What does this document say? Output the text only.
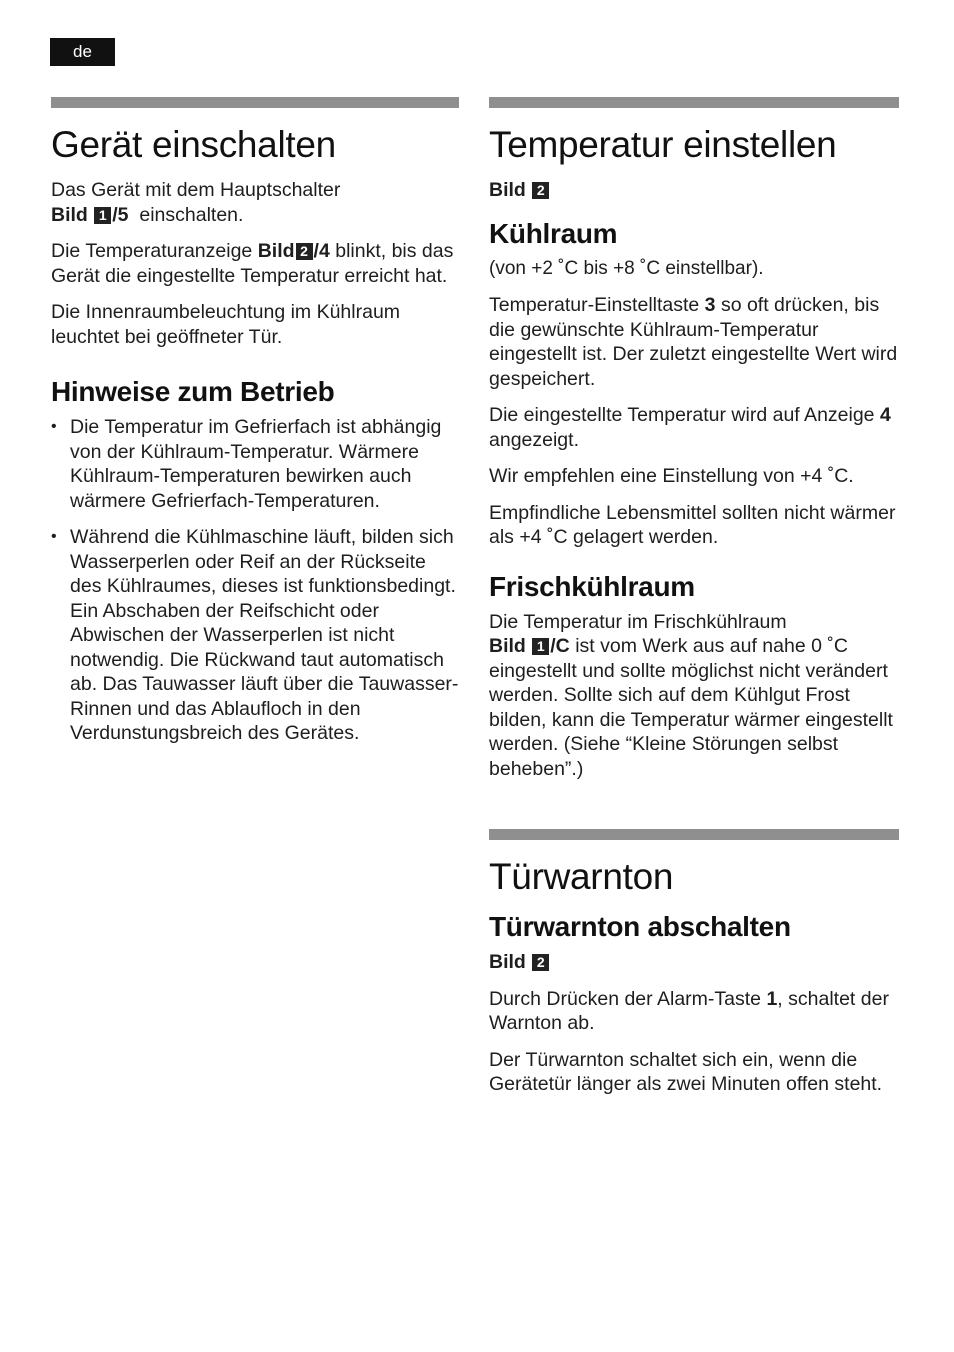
de
Gerät einschalten

Das Gerät mit dem Hauptschalter
Bild 1 /5 einschalten.

Die Temperaturanzeige Bild 2 /4 blinkt, bis das Gerät die eingestellte Temperatur erreicht hat.

Die Innenraumbeleuchtung im Kühlraum leuchtet bei geöffneter Tür.

Hinweise zum Betrieb
• Die Temperatur im Gefrierfach ist abhängig von der Kühlraum-Temperatur. Wärmere Kühlraum-Temperaturen bewirken auch wärmere Gefrierfach-Temperaturen.
• Während die Kühlmaschine läuft, bilden sich Wasserperlen oder Reif an der Rückseite des Kühlraumes, dieses ist funktionsbedingt. Ein Abschaben der Reifschicht oder Abwischen der Wasserperlen ist nicht notwendig. Die Rückwand taut automatisch ab. Das Tauwasser läuft über die Tauwasser-Rinnen und das Ablaufloch in den Verdunstungsbreich des Gerätes.
Temperatur einstellen

Bild 2

Kühlraum

(von +2 ˚C bis +8 ˚C einstellbar).

Temperatur-Einstelltaste 3 so oft drücken, bis die gewünschte Kühlraum-Temperatur eingestellt ist. Der zuletzt eingestellte Wert wird gespeichert.

Die eingestellte Temperatur wird auf Anzeige 4 angezeigt.

Wir empfehlen eine Einstellung von +4 ˚C.

Empfindliche Lebensmittel sollten nicht wärmer als +4 ˚C gelagert werden.

Frischkühlraum

Die Temperatur im Frischkühlraum
Bild 1 /C ist vom Werk aus auf nahe 0 ˚C eingestellt und sollte möglichst nicht verändert werden. Sollte sich auf dem Kühlgut Frost bilden, kann die Temperatur wärmer eingestellt werden. (Siehe “Kleine Störungen selbst beheben”.)

Türwarnton
Türwarnton abschalten

Bild 2

Durch Drücken der Alarm-Taste 1, schaltet der Warnton ab.

Der Türwarnton schaltet sich ein, wenn die Gerätetür länger als zwei Minuten offen steht.
